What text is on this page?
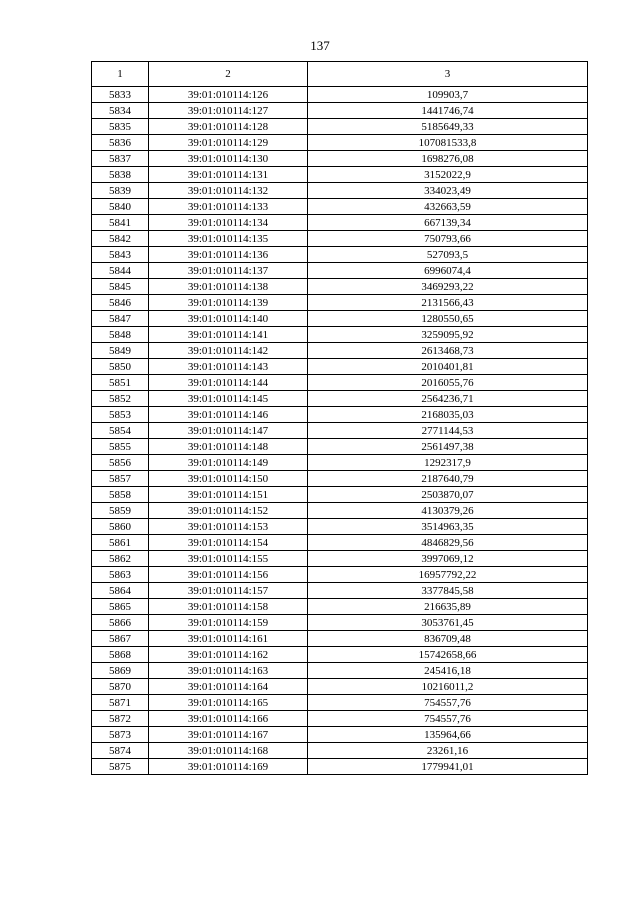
137
1	2	3
5833	39:01:010114:126	109903,7
5834	39:01:010114:127	1441746,74
5835	39:01:010114:128	5185649,33
5836	39:01:010114:129	107081533,8
5837	39:01:010114:130	1698276,08
5838	39:01:010114:131	3152022,9
5839	39:01:010114:132	334023,49
5840	39:01:010114:133	432663,59
5841	39:01:010114:134	667139,34
5842	39:01:010114:135	750793,66
5843	39:01:010114:136	527093,5
5844	39:01:010114:137	6996074,4
5845	39:01:010114:138	3469293,22
5846	39:01:010114:139	2131566,43
5847	39:01:010114:140	1280550,65
5848	39:01:010114:141	3259095,92
5849	39:01:010114:142	2613468,73
5850	39:01:010114:143	2010401,81
5851	39:01:010114:144	2016055,76
5852	39:01:010114:145	2564236,71
5853	39:01:010114:146	2168035,03
5854	39:01:010114:147	2771144,53
5855	39:01:010114:148	2561497,38
5856	39:01:010114:149	1292317,9
5857	39:01:010114:150	2187640,79
5858	39:01:010114:151	2503870,07
5859	39:01:010114:152	4130379,26
5860	39:01:010114:153	3514963,35
5861	39:01:010114:154	4846829,56
5862	39:01:010114:155	3997069,12
5863	39:01:010114:156	16957792,22
5864	39:01:010114:157	3377845,58
5865	39:01:010114:158	216635,89
5866	39:01:010114:159	3053761,45
5867	39:01:010114:161	836709,48
5868	39:01:010114:162	15742658,66
5869	39:01:010114:163	245416,18
5870	39:01:010114:164	10216011,2
5871	39:01:010114:165	754557,76
5872	39:01:010114:166	754557,76
5873	39:01:010114:167	135964,66
5874	39:01:010114:168	23261,16
5875	39:01:010114:169	1779941,01
